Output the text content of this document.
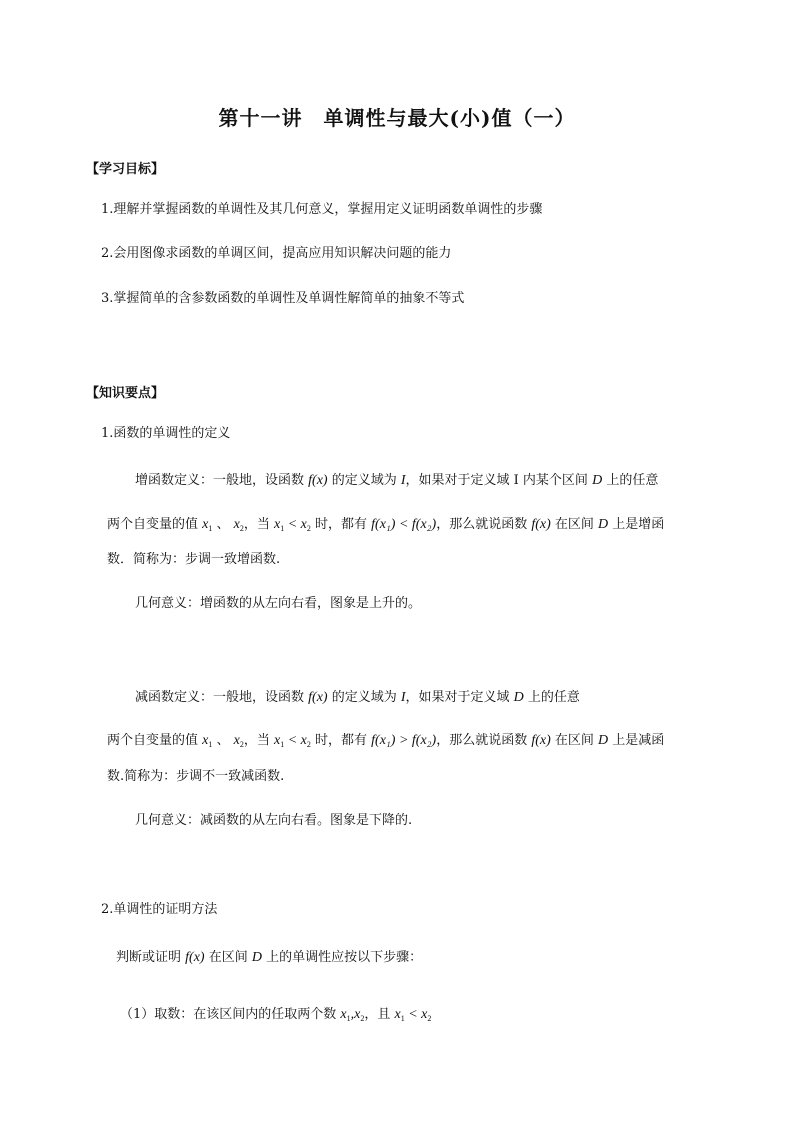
第十一讲　单调性与最大(小)值（一）
【学习目标】
1.理解并掌握函数的单调性及其几何意义，掌握用定义证明函数单调性的步骤
2.会用图像求函数的单调区间，提高应用知识解决问题的能力
3.掌握简单的含参数函数的单调性及单调性解简单的抽象不等式
【知识要点】
1.函数的单调性的定义
增函数定义：一般地，设函数 f(x) 的定义域为 I，如果对于定义域 I 内某个区间 D 上的任意
两个自变量的值 $x_1$ 、 $x_2$，当 $x_1 < x_2$ 时，都有 f(x₁) < f(x₂)，那么就说函数 f(x) 在区间 D 上是增函
数．简称为：步调一致增函数.
几何意义：增函数的从左向右看，图象是上升的。
减函数定义：一般地，设函数 f(x) 的定义域为 I，如果对于定义域 D 上的任意
两个自变量的值 $x_1$ 、 $x_2$，当 $x_1 < x_2$ 时，都有 f(x₁) > f(x₂)，那么就说函数 f(x) 在区间 D 上是减函
数.简称为：步调不一致减函数.
几何意义：减函数的从左向右看。图象是下降的.
2.单调性的证明方法
判断或证明 f(x) 在区间 D 上的单调性应按以下步骤：
（1）取数：在该区间内的任取两个数 $x_1,x_2$，且 $x_1 < x_2$
